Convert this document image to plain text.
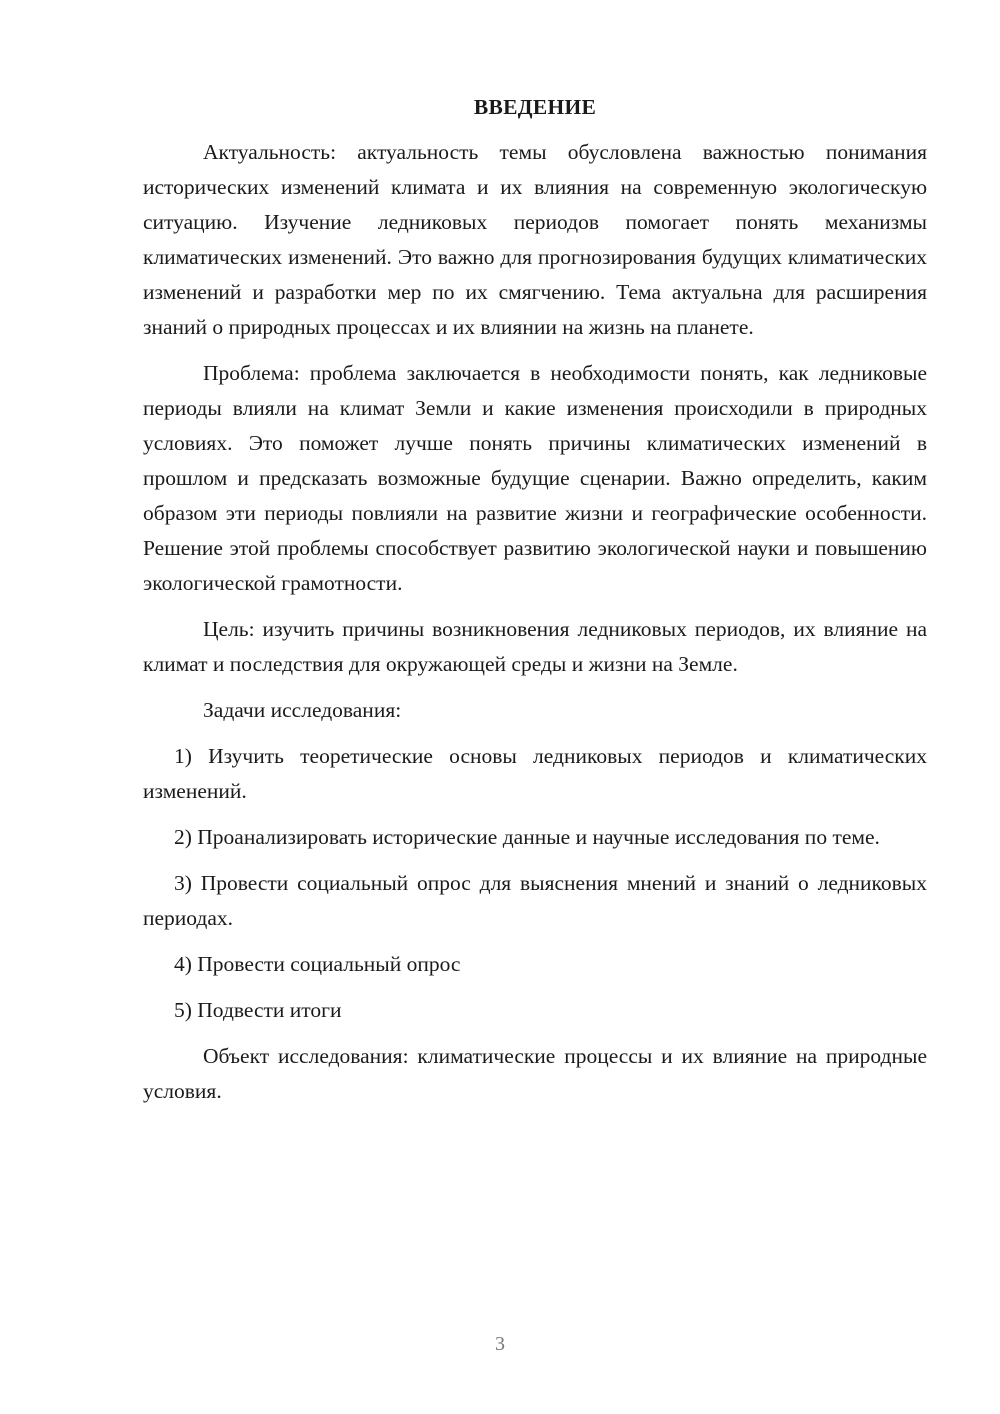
ВВЕДЕНИЕ

Актуальность: актуальность темы обусловлена важностью понимания исторических изменений климата и их влияния на современную экологическую ситуацию. Изучение ледниковых периодов помогает понять механизмы климатических изменений. Это важно для прогнозирования будущих климатических изменений и разработки мер по их смягчению. Тема актуальна для расширения знаний о природных процессах и их влиянии на жизнь на планете.

Проблема: проблема заключается в необходимости понять, как ледниковые периоды влияли на климат Земли и какие изменения происходили в природных условиях. Это поможет лучше понять причины климатических изменений в прошлом и предсказать возможные будущие сценарии. Важно определить, каким образом эти периоды повлияли на развитие жизни и географические особенности. Решение этой проблемы способствует развитию экологической науки и повышению экологической грамотности.

Цель: изучить причины возникновения ледниковых периодов, их влияние на климат и последствия для окружающей среды и жизни на Земле.

Задачи исследования:

1) Изучить теоретические основы ледниковых периодов и климатических изменений.

2) Проанализировать исторические данные и научные исследования по теме.

3) Провести социальный опрос для выяснения мнений и знаний о ледниковых периодах.

4) Провести социальный опрос

5) Подвести итоги

Объект исследования: климатические процессы и их влияние на природные условия.

3
